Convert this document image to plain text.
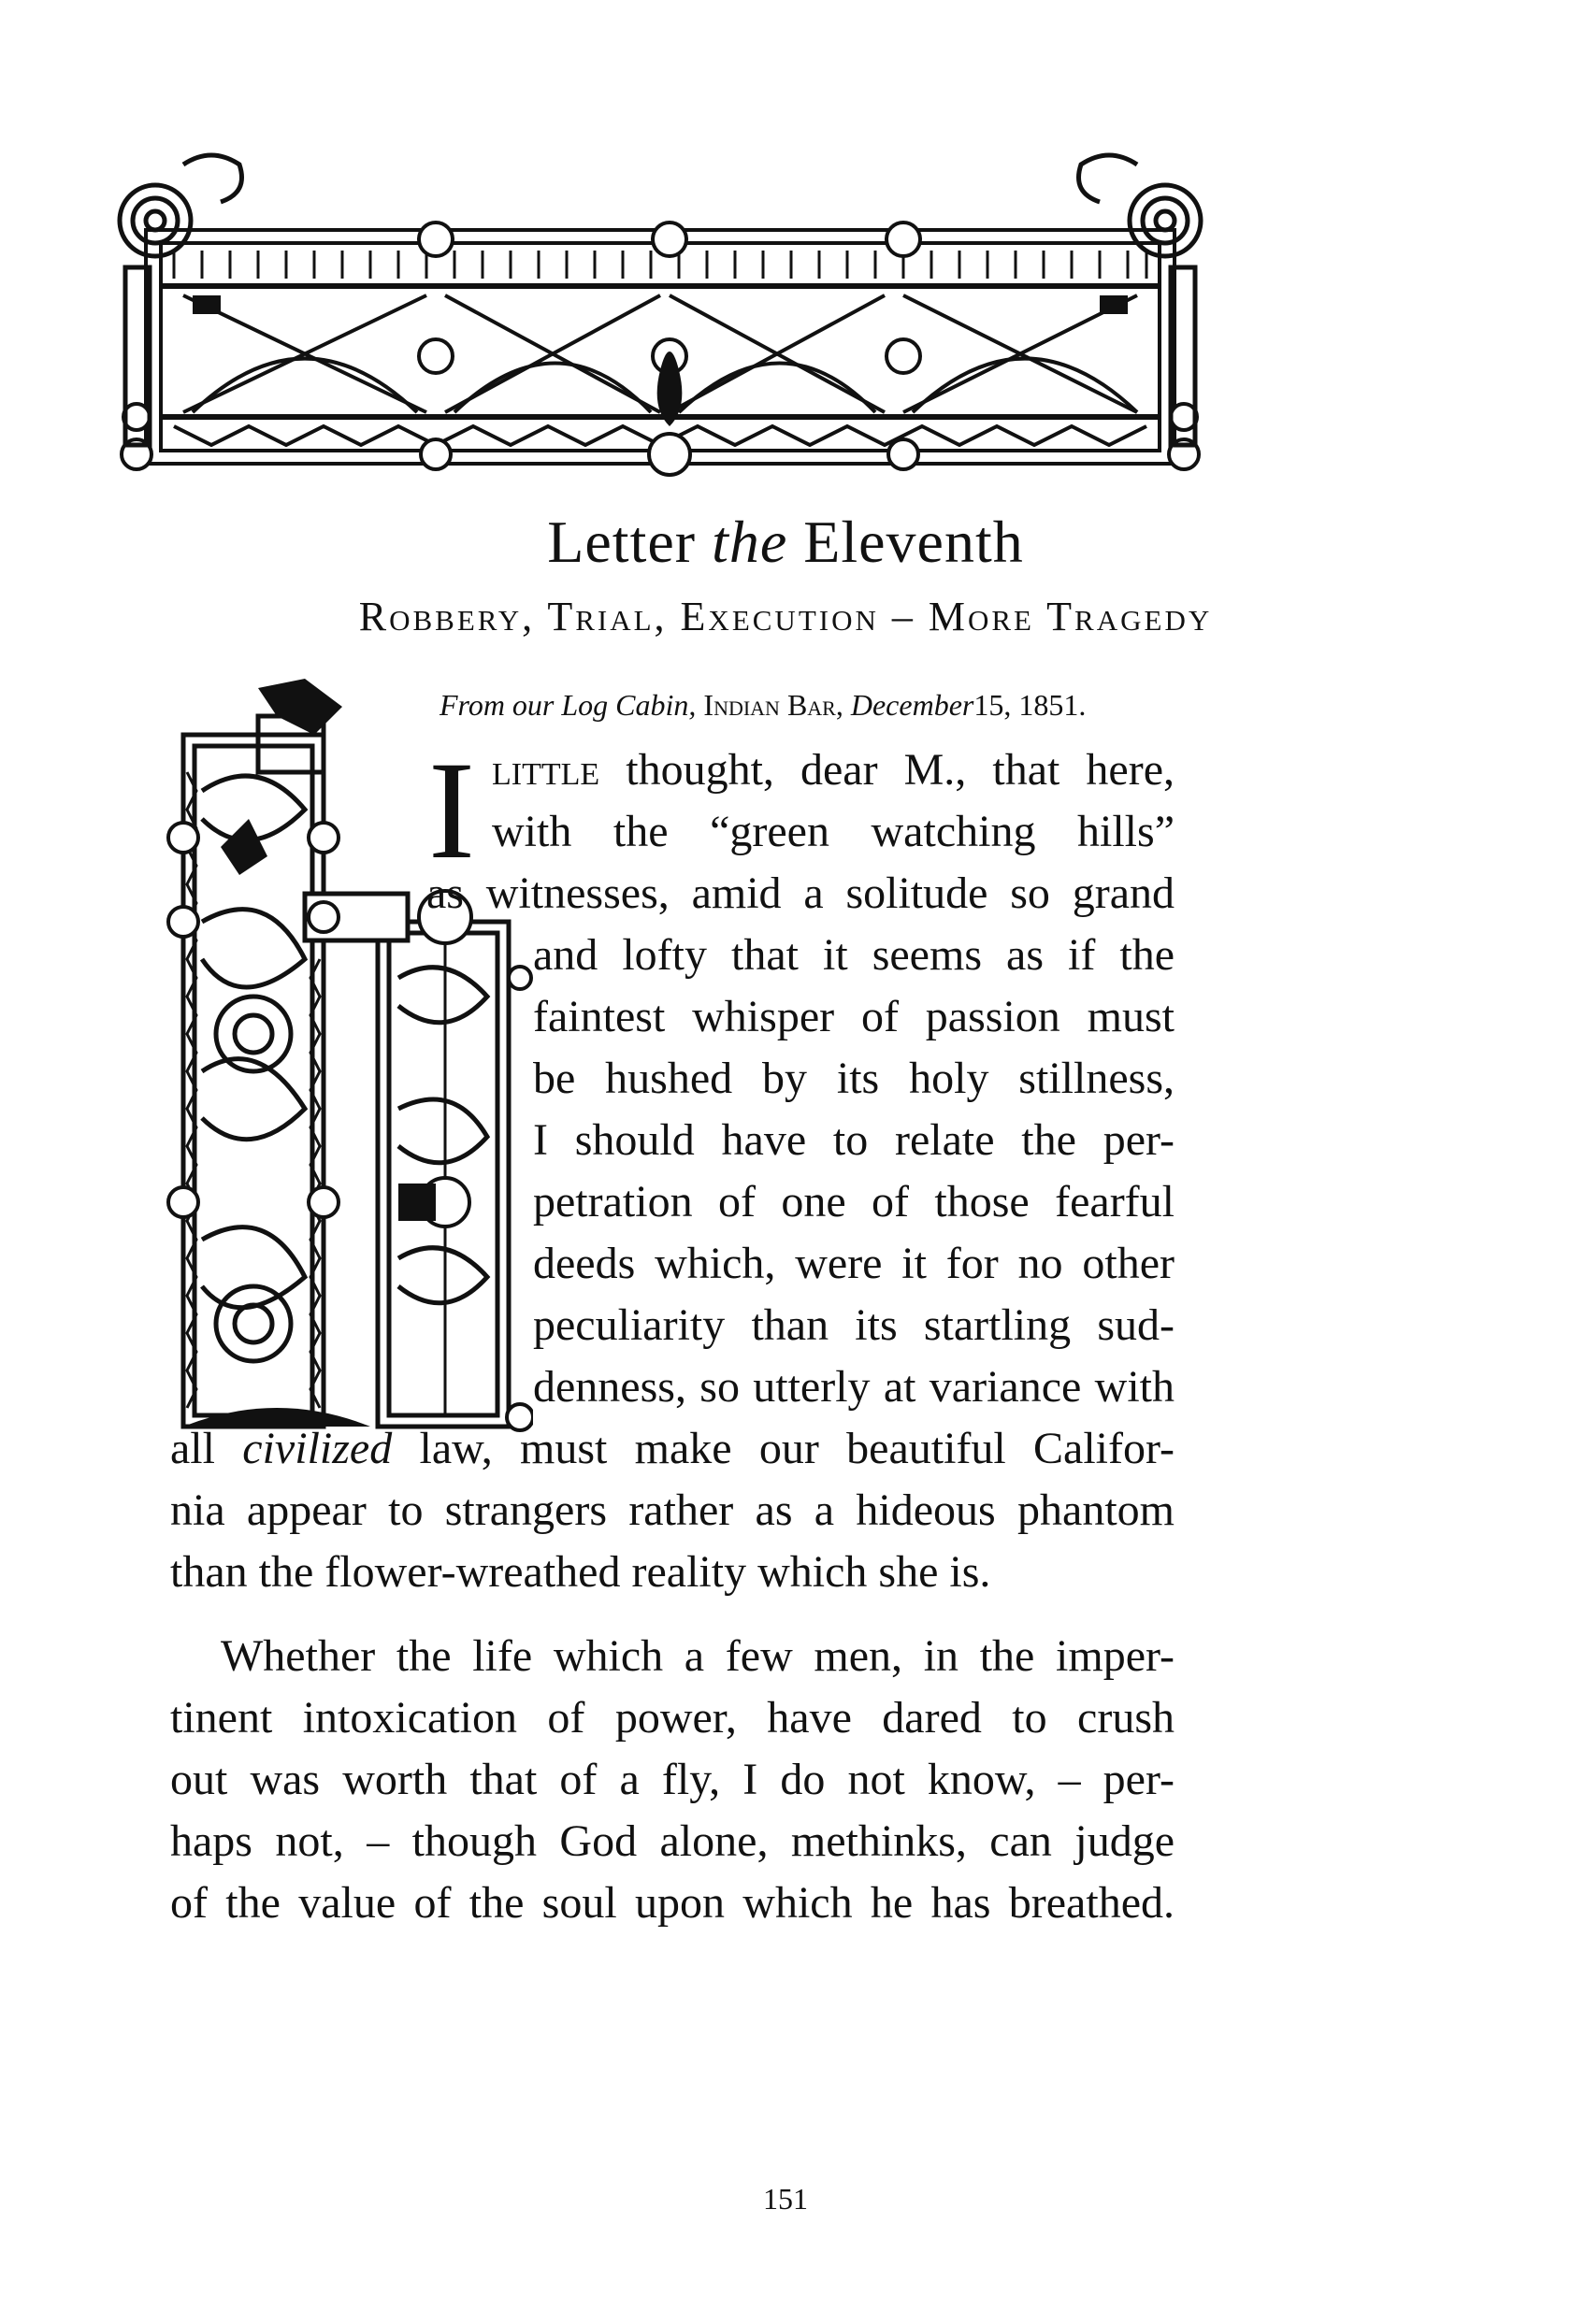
Letter the Eleventh
Robbery, Trial, Execution – More Tragedy
From our Log Cabin, Indian Bar, December15, 1851.
I little thought, dear M., that here,
with the “green watching hills”
as witnesses, amid a solitude so grand
and lofty that it seems as if the
faintest whisper of passion must
be hushed by its holy stillness,
I should have to relate the per-
petration of one of those fearful
deeds which, were it for no other
peculiarity than its startling sud-
denness, so utterly at variance with
all civilized law, must make our beautiful Califor-
nia appear to strangers rather as a hideous phantom
than the flower-wreathed reality which she is.
Whether the life which a few men, in the imper-
tinent intoxication of power, have dared to crush
out was worth that of a fly, I do not know, – per-
haps not, – though God alone, methinks, can judge
of the value of the soul upon which he has breathed.
151
